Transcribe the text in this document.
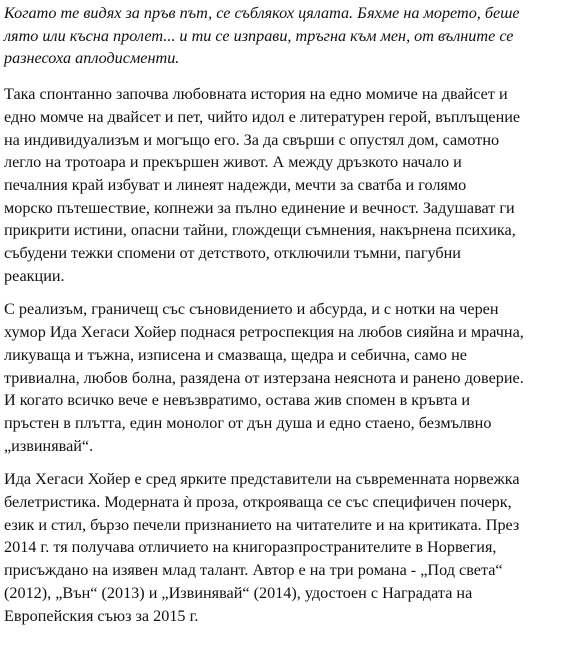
Когато те видях за пръв път, се съблякох цялата. Бяхме на морето, беше
лято или късна пролет... и ти се изправи, тръгна към мен, от вълните се
разнесоха аплодисменти.

Така спонтанно започва любовната история на едно момиче на двайсет и
едно момче на двайсет и пет, чийто идол е литературен герой, въплъщение
на индивидуализъм и могъщо его. За да свърши с опустял дом, самотно
легло на тротоара и прекършен живот. А между дръзкото начало и
печалния край избуват и линеят надежди, мечти за сватба и голямо
морско пътешествие, копнежи за пълно единение и вечност. Задушават ги
прикрити истини, опасни тайни, глождещи съмнения, накърнена психика,
събудени тежки спомени от детството, отключили тъмни, пагубни
реакции.

С реализъм, граничещ със съновидението и абсурда, и с нотки на черен
хумор Ида Хегаси Хойер поднася ретроспекция на любов сияйна и мрачна,
ликуваща и тъжна, изписена и смазваща, щедра и себична, само не
тривиална, любов болна, разядена от изтерзана неяснота и ранено доверие.
И когато всичко вече е невъзвратимо, остава жив спомен в кръвта и
пръстен в плътта, един монолог от дън душа и едно стаено, безмълвно
„извинявай“.

Ида Хегаси Хойер е сред ярките представители на съвременната норвежка
белетристика. Модерната ѝ проза, открояваща се със специфичен почерк,
език и стил, бързо печели признанието на читателите и на критиката. През
2014 г. тя получава отличието на книгоразпространителите в Норвегия,
присъждано на изявен млад талант. Автор е на три романа - „Под света“
(2012), „Вън“ (2013) и „Извинявай“ (2014), удостоен с Наградата на
Европейския съюз за 2015 г.
